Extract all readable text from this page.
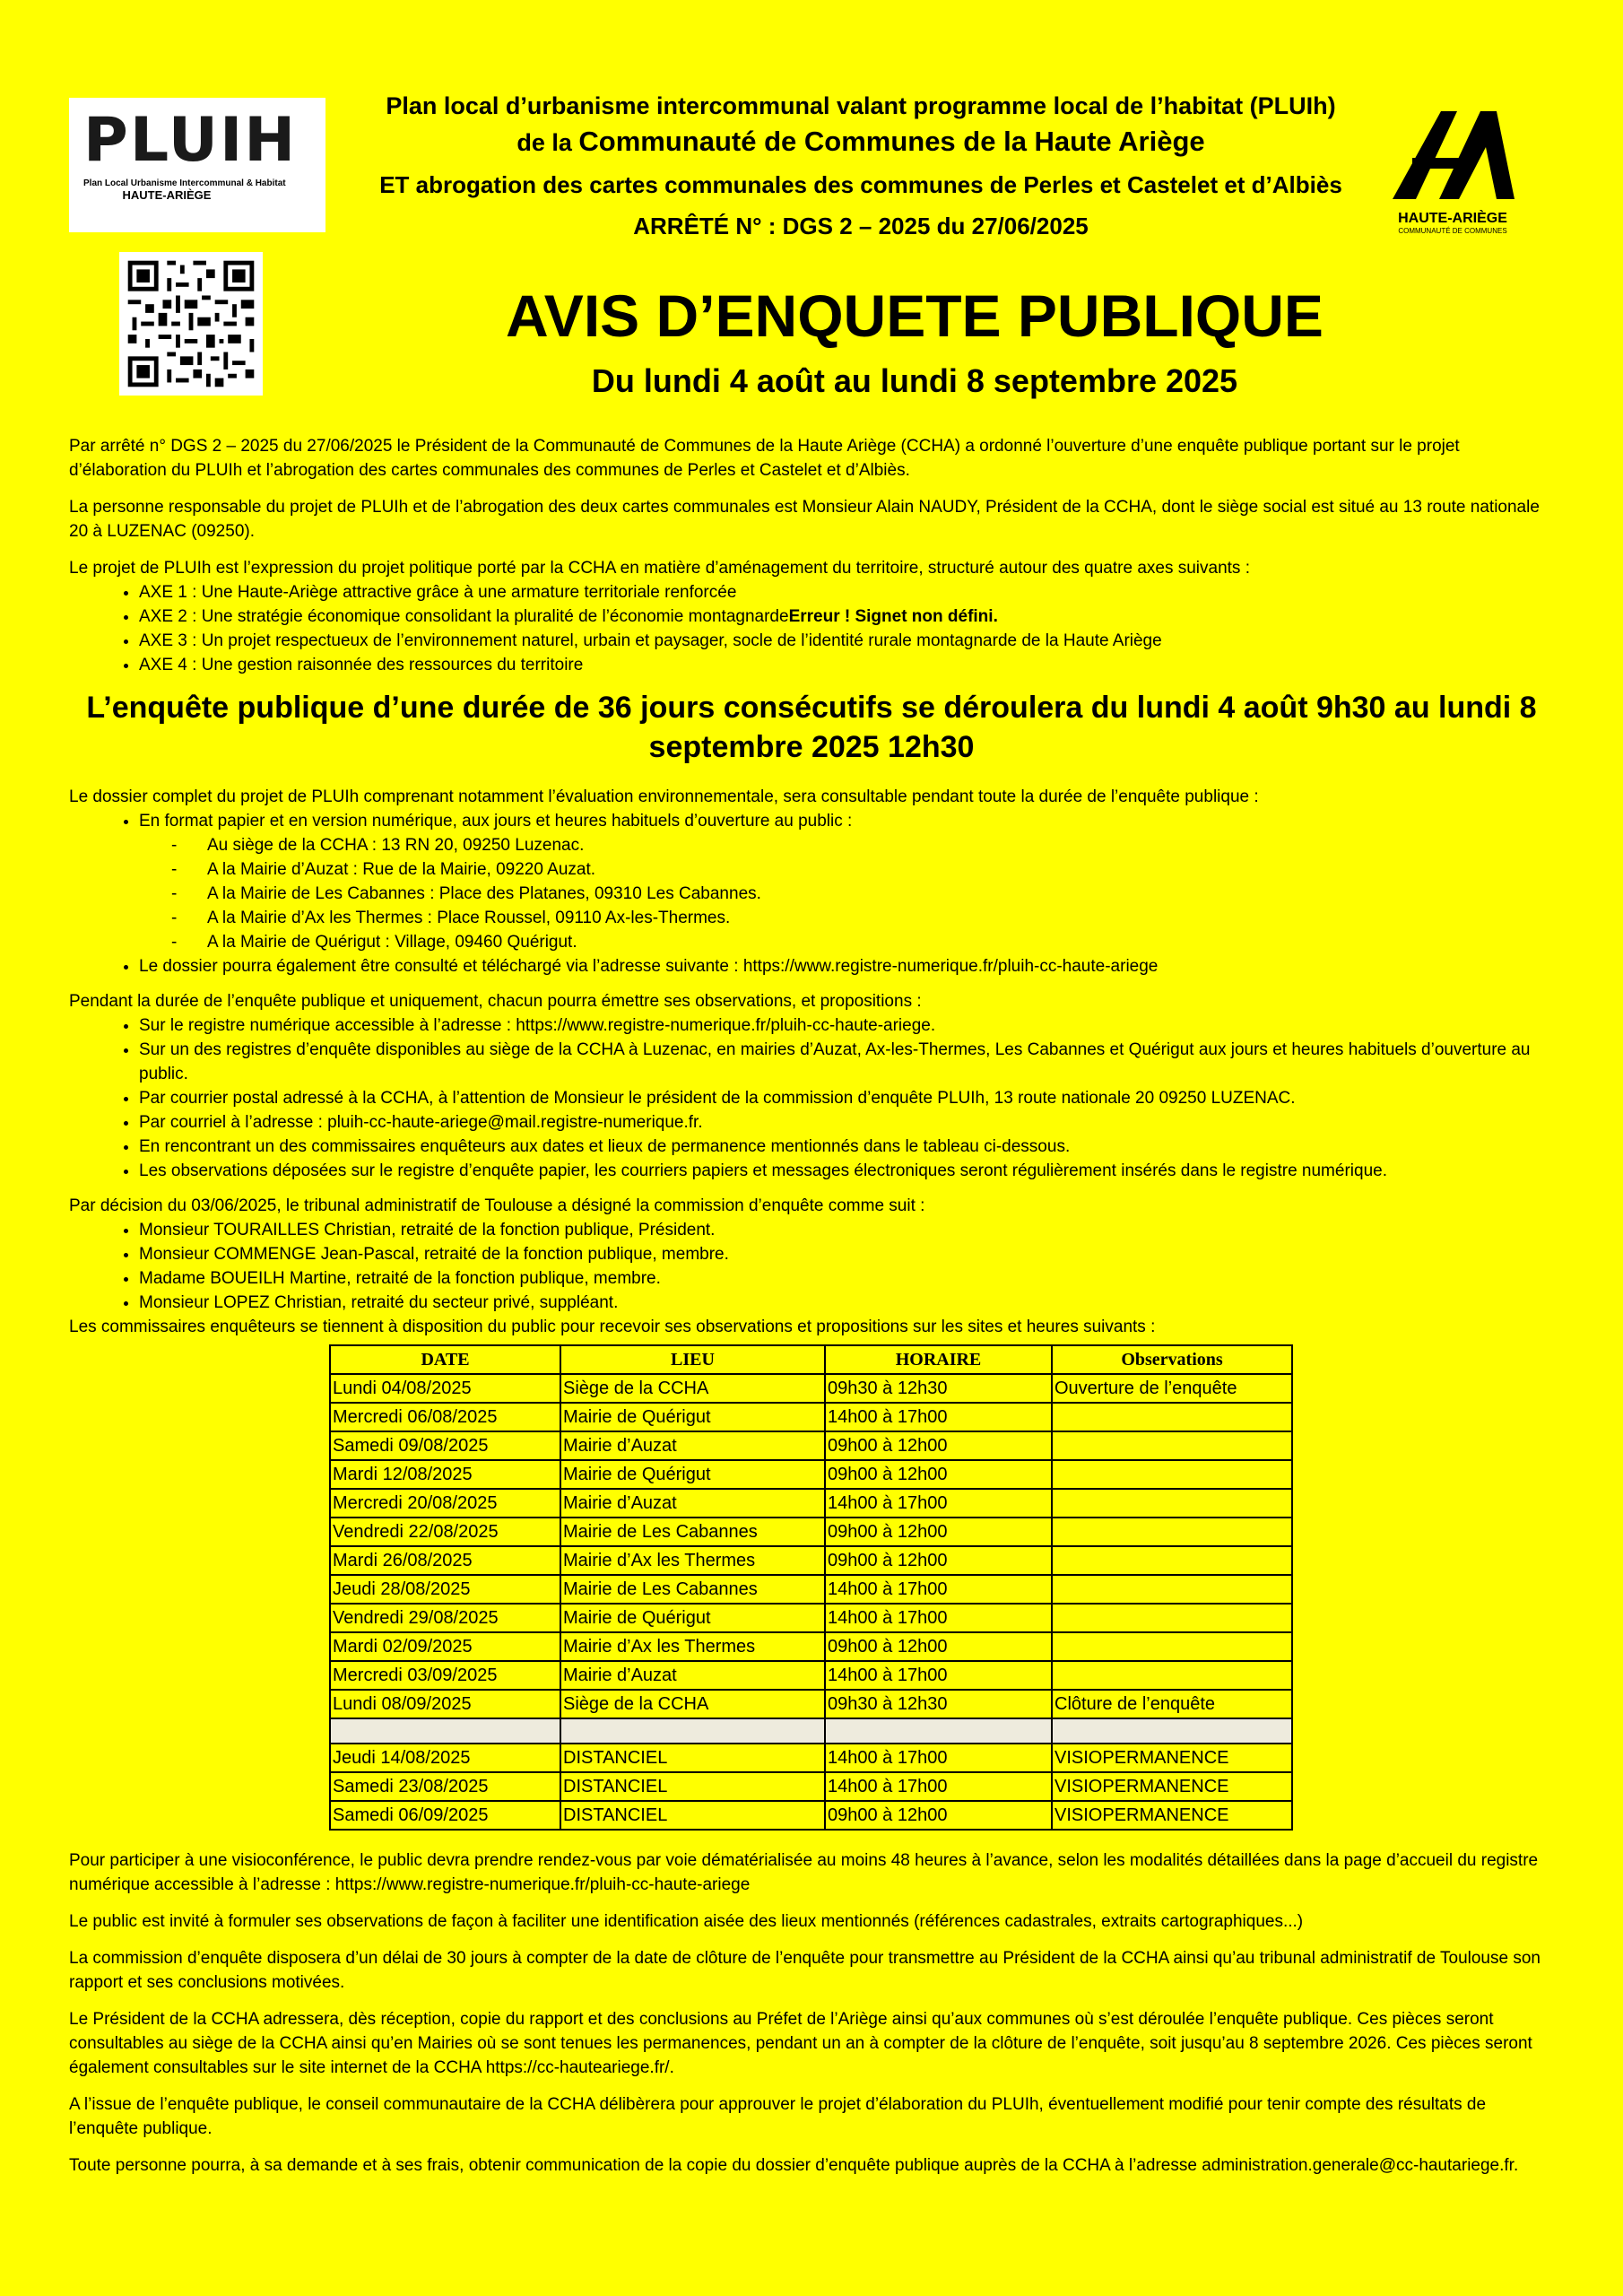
PLUIH
Plan Local Urbanisme Intercommunal & Habitat
HAUTE-ARIÈGE
HAUTE-ARIÈGE
COMMUNAUTÉ DE COMMUNES
Plan local d’urbanisme intercommunal valant programme local de l’habitat (PLUIh)
de la Communauté de Communes de la Haute Ariège
ET abrogation des cartes communales des communes de Perles et Castelet et d’Albiès
ARRÊTÉ N° : DGS 2 – 2025 du 27/06/2025
AVIS D’ENQUETE PUBLIQUE
Du lundi 4 août au lundi 8 septembre 2025

Par arrêté n° DGS 2 – 2025 du 27/06/2025 le Président de la Communauté de Communes de la Haute Ariège (CCHA) a ordonné l’ouverture d’une enquête publique portant sur le projet d’élaboration du PLUIh et l’abrogation des cartes communales des communes de Perles et Castelet et d’Albiès.

La personne responsable du projet de PLUIh et de l’abrogation des deux cartes communales est Monsieur Alain NAUDY, Président de la CCHA, dont le siège social est situé au 13 route nationale 20 à LUZENAC (09250).

Le projet de PLUIh est l’expression du projet politique porté par la CCHA en matière d’aménagement du territoire, structuré autour des quatre axes suivants :

• AXE 1 : Une Haute-Ariège attractive grâce à une armature territoriale renforcée
• AXE 2 : Une stratégie économique consolidant la pluralité de l’économie montagnardeErreur ! Signet non défini.
• AXE 3 : Un projet respectueux de l’environnement naturel, urbain et paysager, socle de l’identité rurale montagnarde de la Haute Ariège
• AXE 4 : Une gestion raisonnée des ressources du territoire
L’enquête publique d’une durée de 36 jours consécutifs se déroulera du lundi 4 août 9h30 au lundi 8 septembre 2025 12h30

Le dossier complet du projet de PLUIh comprenant notamment l’évaluation environnementale, sera consultable pendant toute la durée de l’enquête publique :

• En format papier et en version numérique, aux jours et heures habituels d’ouverture au public :
- Au siège de la CCHA : 13 RN 20, 09250 Luzenac.
- A la Mairie d’Auzat : Rue de la Mairie, 09220 Auzat.
- A la Mairie de Les Cabannes : Place des Platanes, 09310 Les Cabannes.
- A la Mairie d’Ax les Thermes : Place Roussel, 09110 Ax-les-Thermes.
- A la Mairie de Quérigut : Village, 09460 Quérigut.
• Le dossier pourra également être consulté et téléchargé via l’adresse suivante : https://www.registre-numerique.fr/pluih-cc-haute-ariege

Pendant la durée de l’enquête publique et uniquement, chacun pourra émettre ses observations, et propositions :

• Sur le registre numérique accessible à l’adresse : https://www.registre-numerique.fr/pluih-cc-haute-ariege.
• Sur un des registres d’enquête disponibles au siège de la CCHA à Luzenac, en mairies d’Auzat, Ax-les-Thermes, Les Cabannes et Quérigut aux jours et heures habituels d’ouverture au public.
• Par courrier postal adressé à la CCHA, à l’attention de Monsieur le président de la commission d’enquête PLUIh, 13 route nationale 20 09250 LUZENAC.
• Par courriel à l’adresse : pluih-cc-haute-ariege@mail.registre-numerique.fr.
• En rencontrant un des commissaires enquêteurs aux dates et lieux de permanence mentionnés dans le tableau ci-dessous.
• Les observations déposées sur le registre d’enquête papier, les courriers papiers et messages électroniques seront régulièrement insérés dans le registre numérique.

Par décision du 03/06/2025, le tribunal administratif de Toulouse a désigné la commission d’enquête comme suit :

• Monsieur TOURAILLES Christian, retraité de la fonction publique, Président.
• Monsieur COMMENGE Jean-Pascal, retraité de la fonction publique, membre.
• Madame BOUEILH Martine, retraité de la fonction publique, membre.
• Monsieur LOPEZ Christian, retraité du secteur privé, suppléant.

Les commissaires enquêteurs se tiennent à disposition du public pour recevoir ses observations et propositions sur les sites et heures suivants :

DATE	LIEU	HORAIRE	Observations
Lundi 04/08/2025	Siège de la CCHA	09h30 à 12h30	Ouverture de l’enquête
Mercredi 06/08/2025	Mairie de Quérigut	14h00 à 17h00	
Samedi 09/08/2025	Mairie d’Auzat	09h00 à 12h00	
Mardi 12/08/2025	Mairie de Quérigut	09h00 à 12h00	
Mercredi 20/08/2025	Mairie d’Auzat	14h00 à 17h00	
Vendredi 22/08/2025	Mairie de Les Cabannes	09h00 à 12h00	
Mardi 26/08/2025	Mairie d’Ax les Thermes	09h00 à 12h00	
Jeudi 28/08/2025	Mairie de Les Cabannes	14h00 à 17h00	
Vendredi 29/08/2025	Mairie de Quérigut	14h00 à 17h00	
Mardi 02/09/2025	Mairie d’Ax les Thermes	09h00 à 12h00	
Mercredi 03/09/2025	Mairie d’Auzat	14h00 à 17h00	
Lundi 08/09/2025	Siège de la CCHA	09h30 à 12h30	Clôture de l’enquête

Jeudi 14/08/2025	DISTANCIEL	14h00 à 17h00	VISIOPERMANENCE
Samedi 23/08/2025	DISTANCIEL	14h00 à 17h00	VISIOPERMANENCE
Samedi 06/09/2025	DISTANCIEL	09h00 à 12h00	VISIOPERMANENCE

Pour participer à une visioconférence, le public devra prendre rendez-vous par voie dématérialisée au moins 48 heures à l’avance, selon les modalités détaillées dans la page d’accueil du registre numérique accessible à l’adresse : https://www.registre-numerique.fr/pluih-cc-haute-ariege

Le public est invité à formuler ses observations de façon à faciliter une identification aisée des lieux mentionnés (références cadastrales, extraits cartographiques...)

La commission d’enquête disposera d’un délai de 30 jours à compter de la date de clôture de l’enquête pour transmettre au Président de la CCHA ainsi qu’au tribunal administratif de Toulouse son rapport et ses conclusions motivées.

Le Président de la CCHA adressera, dès réception, copie du rapport et des conclusions au Préfet de l’Ariège ainsi qu’aux communes où s’est déroulée l’enquête publique. Ces pièces seront consultables au siège de la CCHA ainsi qu’en Mairies où se sont tenues les permanences, pendant un an à compter de la clôture de l’enquête, soit jusqu’au 8 septembre 2026. Ces pièces seront également consultables sur le site internet de la CCHA https://cc-hauteariege.fr/.

A l’issue de l’enquête publique, le conseil communautaire de la CCHA délibèrera pour approuver le projet d’élaboration du PLUIh, éventuellement modifié pour tenir compte des résultats de l’enquête publique.

Toute personne pourra, à sa demande et à ses frais, obtenir communication de la copie du dossier d’enquête publique auprès de la CCHA à l’adresse administration.generale@cc-hautariege.fr.
